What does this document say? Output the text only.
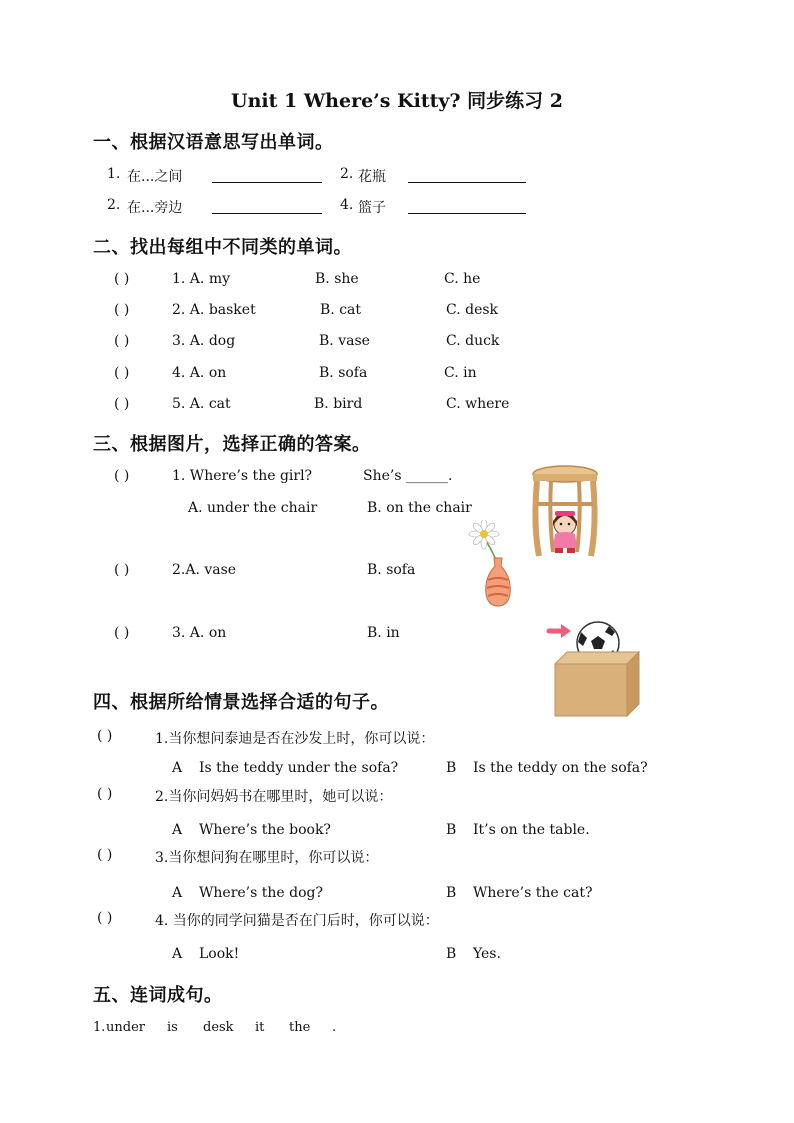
Unit 1 Where’s Kitty? 同步练习 2
一、根据汉语意思写出单词。
1. 在...之间	2. 花瓶
2. 在...旁边	4. 篮子
二、找出每组中不同类的单词。
( )	1. A. my	B. she	C. he
( )	2. A. basket	B. cat	C. desk
( )	3. A. dog	B. vase	C. duck
( )	4. A. on	B. sofa	C. in
( )	5. A. cat	B. bird	C. where
三、根据图片，选择正确的答案。
( )	1. Where’s the girl?	She’s ______.
A. under the chair	B. on the chair
( )	2.A. vase	B. sofa
( )	3. A. on	B. in
四、根据所给情景选择合适的句子。
( )	1.当你想问泰迪是否在沙发上时，你可以说：
A Is the teddy under the sofa?	B Is the teddy on the sofa?
( )	2.当你问妈妈书在哪里时，她可以说：
A Where’s the book?	B It’s on the table.
( )	3.当你想问狗在哪里时，你可以说：
A Where’s the dog?	B Where’s the cat?
( )	4. 当你的同学问猫是否在门后时，你可以说：
A Look!	B Yes.
五、连词成句。
1. under is desk it the .
